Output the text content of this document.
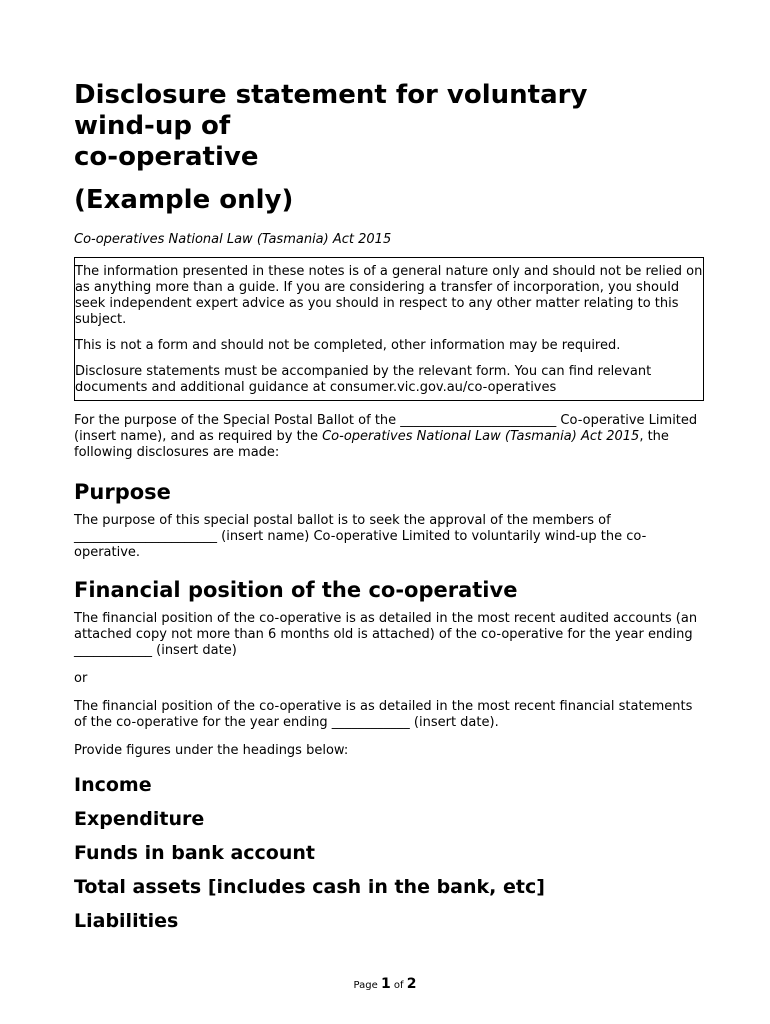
Disclosure statement for voluntary
wind-up of
co-operative
(Example only)
Co-operatives National Law (Tasmania) Act 2015

The information presented in these notes is of a general nature only and should not be relied on as anything more than a guide. If you are considering a transfer of incorporation, you should seek independent expert advice as you should in respect to any other matter relating to this subject.

This is not a form and should not be completed, other information may be required.

Disclosure statements must be accompanied by the relevant form. You can find relevant documents and additional guidance at consumer.vic.gov.au/co-operatives

For the purpose of the Special Postal Ballot of the ________________________ Co-operative Limited (insert name), and as required by the Co-operatives National Law (Tasmania) Act 2015, the following disclosures are made:

Purpose

The purpose of this special postal ballot is to seek the approval of the members of ______________________ (insert name) Co-operative Limited to voluntarily wind-up the co-operative.

Financial position of the co-operative

The financial position of the co-operative is as detailed in the most recent audited accounts (an attached copy not more than 6 months old is attached) of the co-operative for the year ending ____________ (insert date)

or

The financial position of the co-operative is as detailed in the most recent financial statements of the co-operative for the year ending ____________ (insert date).

Provide figures under the headings below:

Income
Expenditure
Funds in bank account
Total assets [includes cash in the bank, etc]
Liabilities
Page 1 of 2
